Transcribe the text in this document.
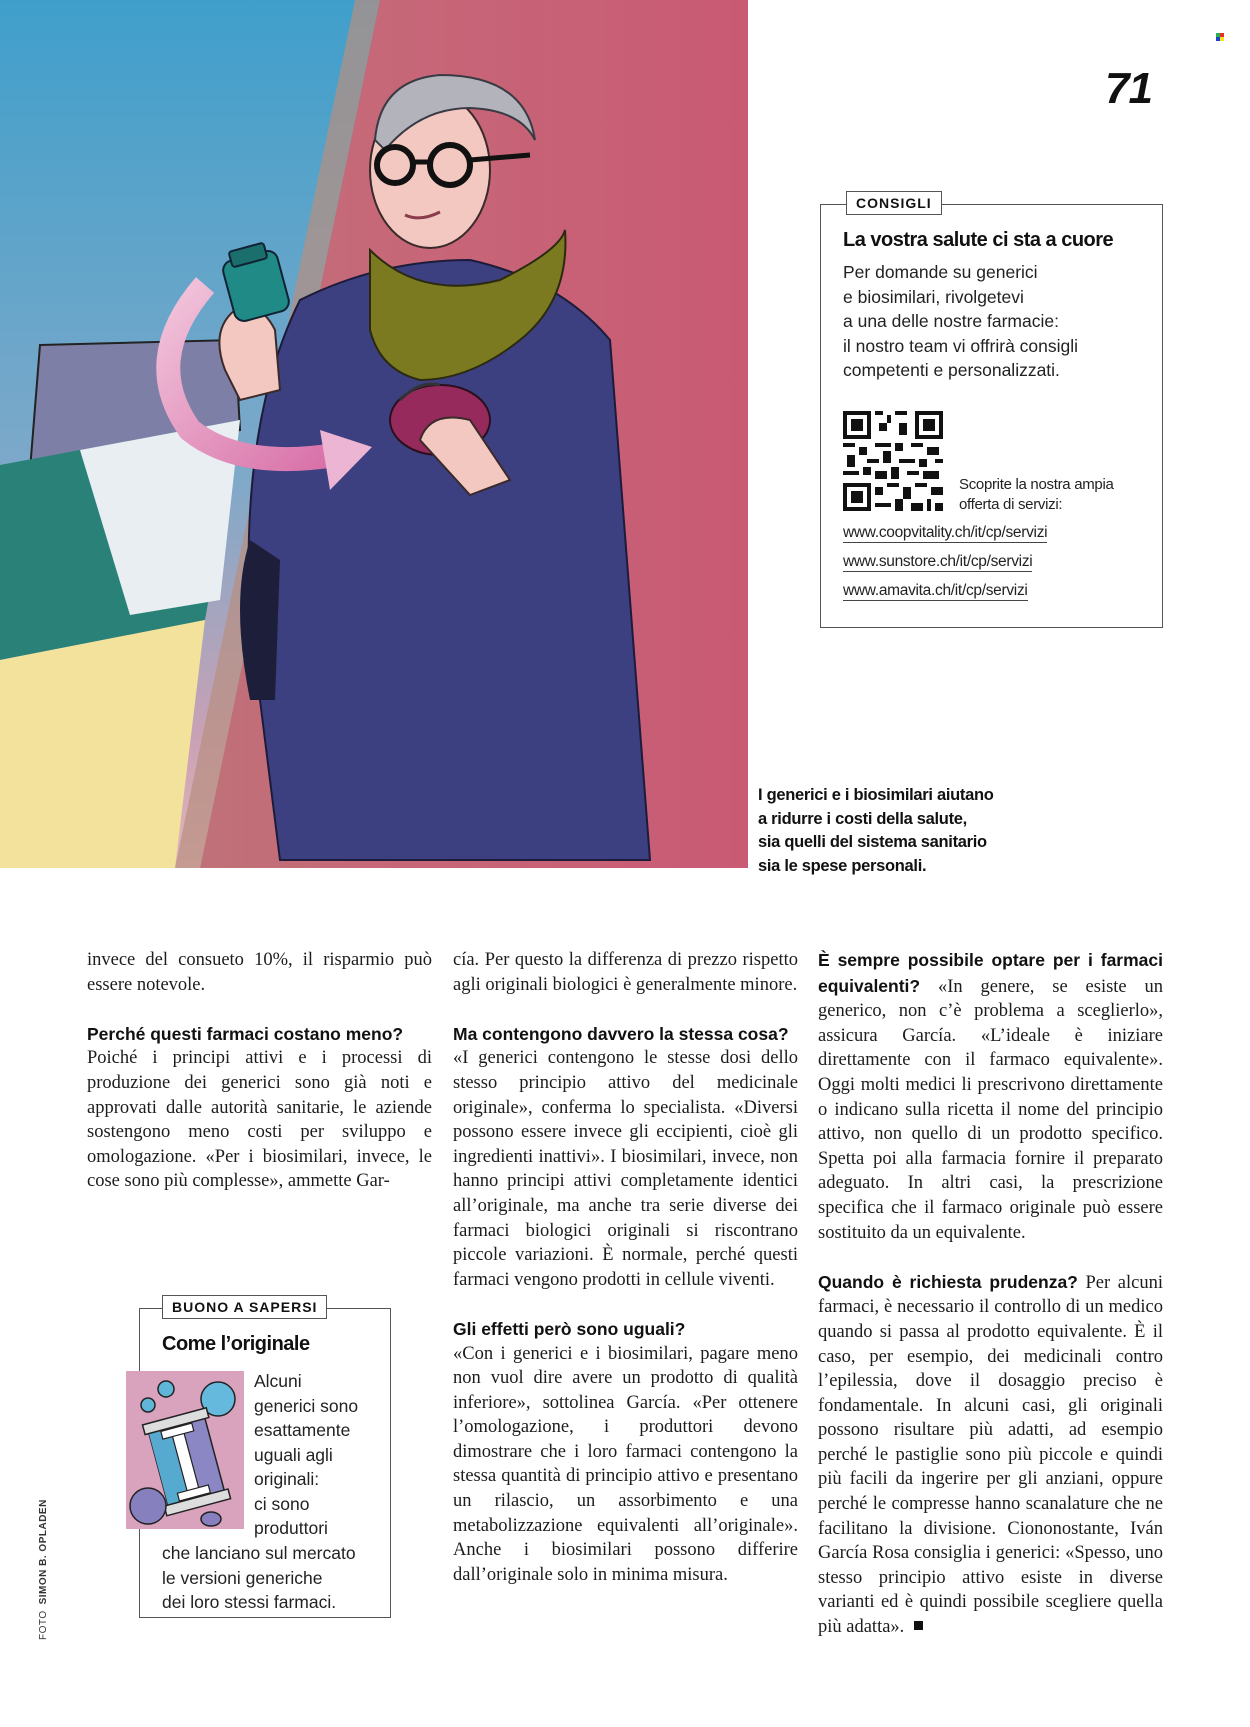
71
CONSIGLI
La vostra salute ci sta a cuore
Per domande su generici
e biosimilari, rivolgetevi
a una delle nostre farmacie:
il nostro team vi offrirà consigli
competenti e personalizzati.
Scoprite la nostra ampia
offerta di servizi:
www.coopvitality.ch/it/cp/servizi
www.sunstore.ch/it/cp/servizi
www.amavita.ch/it/cp/servizi
I generici e i biosimilari aiutano
a ridurre i costi della salute,
sia quelli del sistema sanitario
sia le spese personali.

invece del consueto 10%, il risparmio può essere notevole.

Perché questi farmaci costano meno?

Poiché i principi attivi e i processi di produzione dei generici sono già noti e approvati dalle autorità sanitarie, le aziende sostengono meno costi per sviluppo e omologazione. «Per i biosimilari, invece, le cose sono più complesse», ammette Gar-

cía. Per questo la differenza di prezzo rispetto agli originali biologici è generalmente minore.

Ma contengono davvero la stessa cosa?

«I generici contengono le stesse dosi dello stesso principio attivo del medicinale originale», conferma lo specialista. «Diversi possono essere invece gli eccipienti, cioè gli ingredienti inattivi». I biosimilari, invece, non hanno principi attivi completamente identici all’originale, ma anche tra serie diverse dei farmaci biologici originali si riscontrano piccole variazioni. È normale, perché questi farmaci vengono prodotti in cellule viventi.

Gli effetti però sono uguali?

«Con i generici e i biosimilari, pagare meno non vuol dire avere un prodotto di qualità inferiore», sottolinea García. «Per ottenere l’omologazione, i produttori devono dimostrare che i loro farmaci contengono la stessa quantità di principio attivo e presentano un rilascio, un assorbimento e una metabolizzazione equivalenti all’originale». Anche i biosimilari possono differire dall’originale solo in minima misura.

È sempre possibile optare per i farmaci equivalenti? «In genere, se esiste un generico, non c’è problema a sceglierlo», assicura García. «L’ideale è iniziare direttamente con il farmaco equivalente». Oggi molti medici li prescrivono direttamente o indicano sulla ricetta il nome del principio attivo, non quello di un prodotto specifico. Spetta poi alla farmacia fornire il preparato adeguato. In altri casi, la prescrizione specifica che il farmaco originale può essere sostituito da un equivalente.

Quando è richiesta prudenza? Per alcuni farmaci, è necessario il controllo di un medico quando si passa al prodotto equivalente. È il caso, per esempio, dei medicinali contro l’epilessia, dove il dosaggio preciso è fondamentale. In alcuni casi, gli originali possono risultare più adatti, ad esempio perché le pastiglie sono più piccole e quindi più facili da ingerire per gli anziani, oppure perché le compresse hanno scanalature che ne facilitano la divisione. Ciononostante, Iván García Rosa consiglia i generici: «Spesso, uno stesso principio attivo esiste in diverse varianti ed è quindi possibile scegliere quella più adatta».

BUONO A SAPERSI
Come l’originale
Alcuni
generici sono
esattamente
uguali agli
originali:
ci sono
produttori
che lanciano sul mercato
le versioni generiche
dei loro stessi farmaci.
FOTOSIMON B. OPLADEN
